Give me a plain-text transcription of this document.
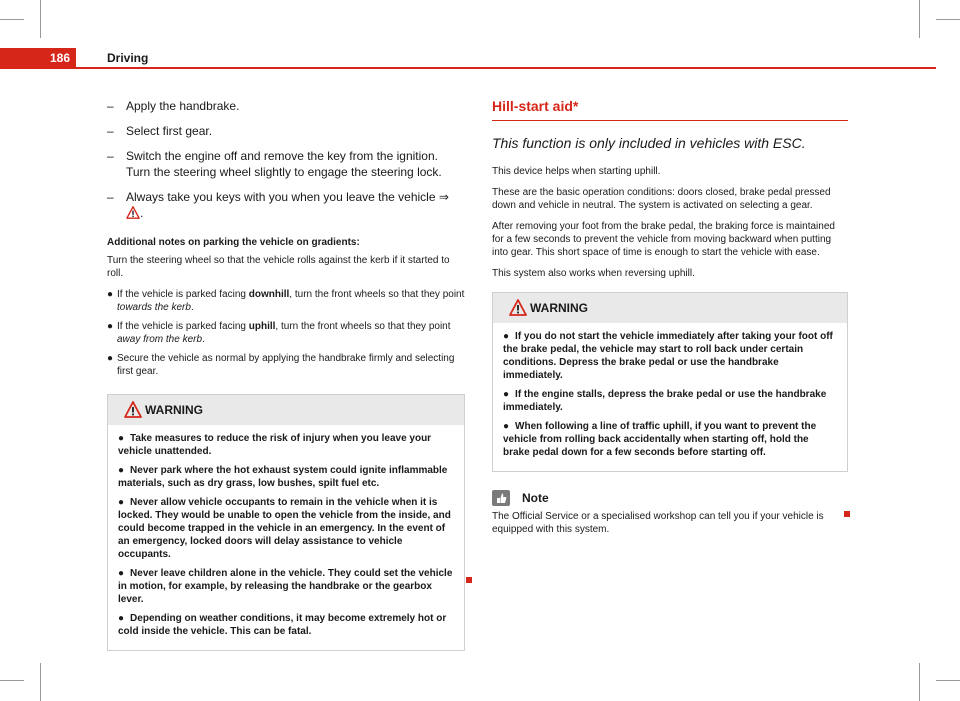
186	Driving
– Apply the handbrake.
– Select first gear.
– Switch the engine off and remove the key from the ignition. Turn the steering wheel slightly to engage the steering lock.
– Always take you keys with you when you leave the vehicle ⇒ .
Additional notes on parking the vehicle on gradients:

Turn the steering wheel so that the vehicle rolls against the kerb if it started to roll.

● If the vehicle is parked facing downhill, turn the front wheels so that they point towards the kerb.
● If the vehicle is parked facing uphill, turn the front wheels so that they point away from the kerb.
● Secure the vehicle as normal by applying the handbrake firmly and selecting first gear.
WARNING
● Take measures to reduce the risk of injury when you leave your vehicle unattended.
● Never park where the hot exhaust system could ignite inflammable materials, such as dry grass, low bushes, spilt fuel etc.
● Never allow vehicle occupants to remain in the vehicle when it is locked. They would be unable to open the vehicle from the inside, and could become trapped in the vehicle in an emergency. In the event of an emergency, locked doors will delay assistance to vehicle occupants.
● Never leave children alone in the vehicle. They could set the vehicle in motion, for example, by releasing the handbrake or the gearbox lever.
● Depending on weather conditions, it may become extremely hot or cold inside the vehicle. This can be fatal.
Hill-start aid*

This function is only included in vehicles with ESC.

This device helps when starting uphill.

These are the basic operation conditions: doors closed, brake pedal pressed down and vehicle in neutral. The system is activated on selecting a gear.

After removing your foot from the brake pedal, the braking force is maintained for a few seconds to prevent the vehicle from moving backward when putting into gear. This short space of time is enough to start the vehicle with ease.

This system also works when reversing uphill.

WARNING
● If you do not start the vehicle immediately after taking your foot off the brake pedal, the vehicle may start to roll back under certain conditions. Depress the brake pedal or use the handbrake immediately.
● If the engine stalls, depress the brake pedal or use the handbrake immediately.
● When following a line of traffic uphill, if you want to prevent the vehicle from rolling back accidentally when starting off, hold the brake pedal down for a few seconds before starting off.
Note

The Official Service or a specialised workshop can tell you if your vehicle is equipped with this system.
